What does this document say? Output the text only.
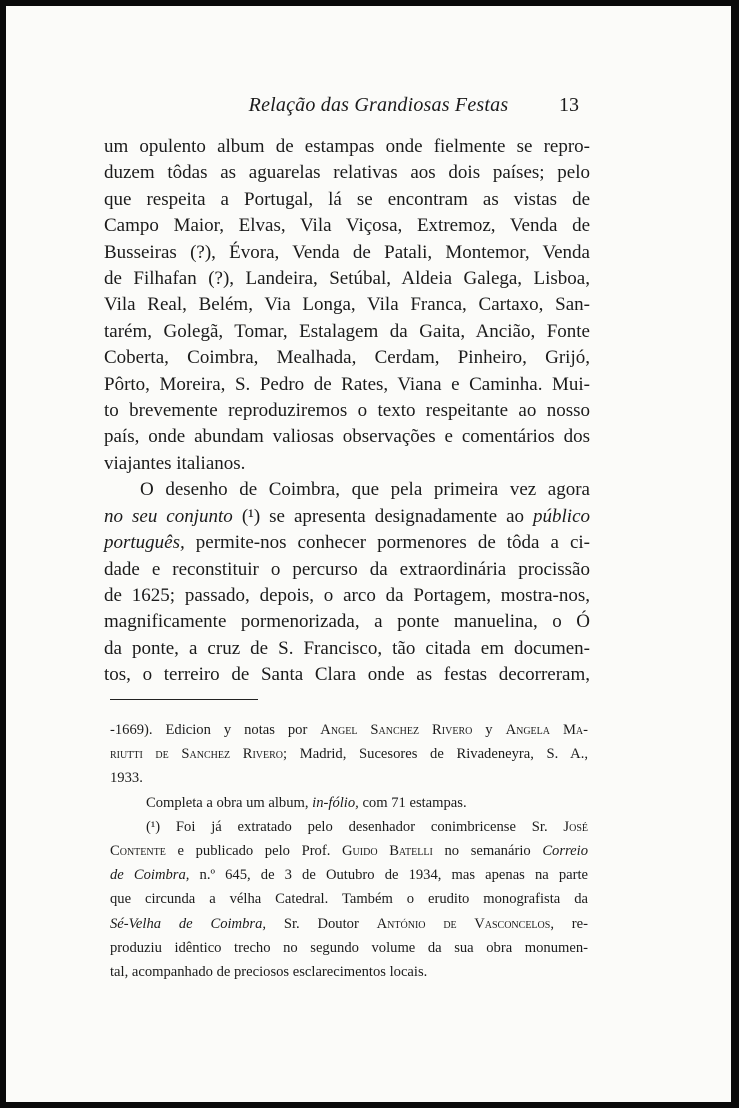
Relação das Grandiosas Festas	13
um opulento album de estampas onde fielmente se repro-
duzem tôdas as aguarelas relativas aos dois países; pelo
que respeita a Portugal, lá se encontram as vistas de
Campo Maior, Elvas, Vila Viçosa, Extremoz, Venda de
Busseiras (?), Évora, Venda de Patali, Montemor, Venda
de Filhafan (?), Landeira, Setúbal, Aldeia Galega, Lisboa,
Vila Real, Belém, Via Longa, Vila Franca, Cartaxo, San-
tarém, Golegã, Tomar, Estalagem da Gaita, Ancião, Fonte
Coberta, Coimbra, Mealhada, Cerdam, Pinheiro, Grijó,
Pôrto, Moreira, S. Pedro de Rates, Viana e Caminha. Mui-
to brevemente reproduziremos o texto respeitante ao nosso
país, onde abundam valiosas observações e comentários dos
viajantes italianos.
O desenho de Coimbra, que pela primeira vez agora
no seu conjunto (¹) se apresenta designadamente ao público
português, permite-nos conhecer pormenores de tôda a ci-
dade e reconstituir o percurso da extraordinária procissão
de 1625; passado, depois, o arco da Portagem, mostra-nos,
magnificamente pormenorizada, a ponte manuelina, o Ó
da ponte, a cruz de S. Francisco, tão citada em documen-
tos, o terreiro de Santa Clara onde as festas decorreram,
-1669). Edicion y notas por Angel Sanchez Rivero y Angela Ma-
riutti de Sanchez Rivero; Madrid, Sucesores de Rivadeneyra, S. A.,
1933.
Completa a obra um album, in-fólio, com 71 estampas.
(¹) Foi já extratado pelo desenhador conimbricense Sr. José
Contente e publicado pelo Prof. Guido Batelli no semanário Correio
de Coimbra, n.º 645, de 3 de Outubro de 1934, mas apenas na parte
que circunda a vélha Catedral. Também o erudito monografista da
Sé-Velha de Coimbra, Sr. Doutor António de Vasconcelos, re-
produziu idêntico trecho no segundo volume da sua obra monumen-
tal, acompanhado de preciosos esclarecimentos locais.
